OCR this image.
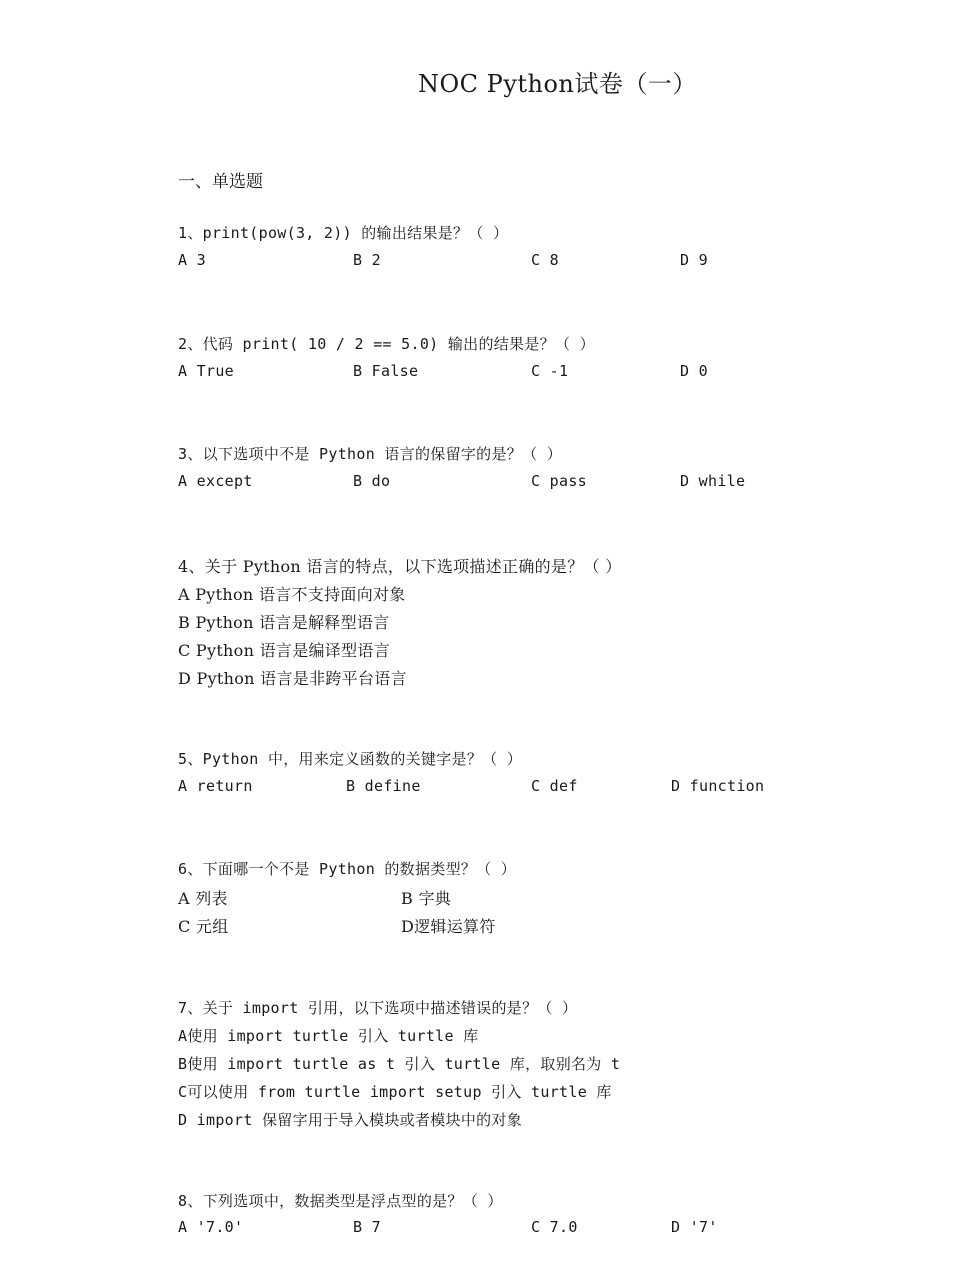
NOC Python试卷（一）
一、单选题
1、print(pow(3, 2)) 的输出结果是？（ ）
A 3	B 2	C 8	D 9
2、代码 print( 10 / 2 == 5.0) 输出的结果是？（ ）
A True	B False	C -1	D 0
3、以下选项中不是 Python 语言的保留字的是？（ ）
A except	B do	C pass	D while
4、关于 Python 语言的特点，以下选项描述正确的是？（ ）
A Python 语言不支持面向对象
B Python 语言是解释型语言
C Python 语言是编译型语言
D Python 语言是非跨平台语言
5、Python 中，用来定义函数的关键字是？（ ）
A return	B define	C def	D function
6、下面哪一个不是 Python 的数据类型？（ ）
A 列表	B 字典
C 元组	D逻辑运算符
7、关于 import 引用，以下选项中描述错误的是？（ ）
A使用 import turtle 引入 turtle 库
B使用 import turtle as t 引入 turtle 库，取别名为 t
C可以使用 from turtle import setup 引入 turtle 库
D import 保留字用于导入模块或者模块中的对象
8、下列选项中，数据类型是浮点型的是？（ ）
A '7.0'	B 7	C 7.0	D '7'
